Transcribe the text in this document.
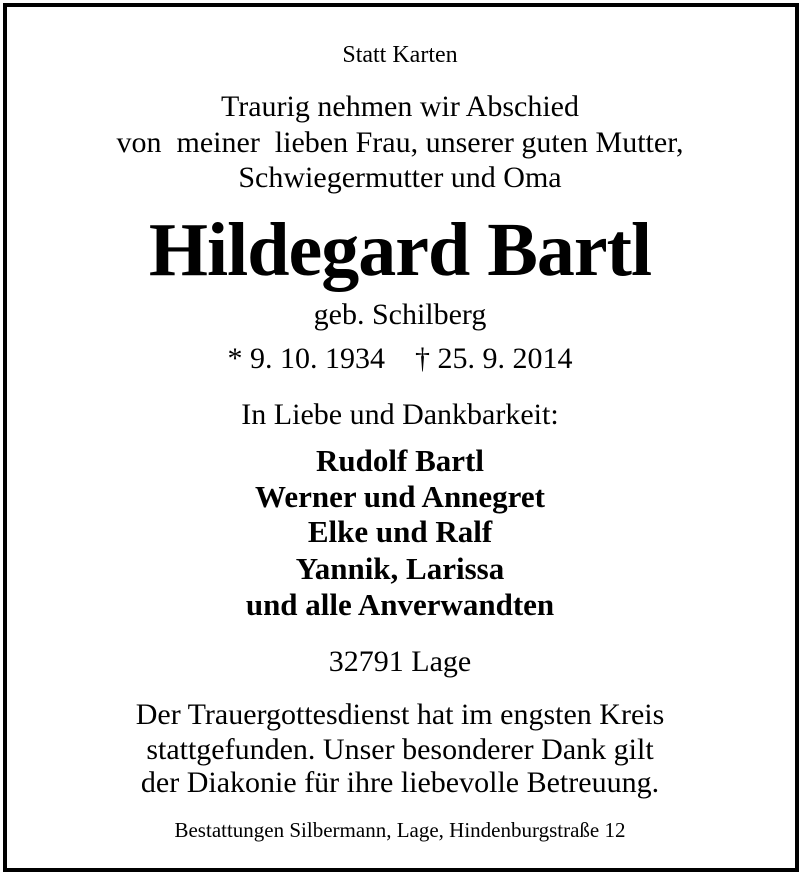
Statt Karten
Traurig nehmen wir Abschied
von  meiner  lieben Frau, unserer guten Mutter,
Schwiegermutter und Oma
Hildegard Bartl
geb. Schilberg
* 9. 10. 1934 † 25. 9. 2014
In Liebe und Dankbarkeit:
Rudolf Bartl
Werner und Annegret
Elke und Ralf
Yannik, Larissa
und alle Anverwandten
32791 Lage
Der Trauergottesdienst hat im engsten Kreis
stattgefunden. Unser besonderer Dank gilt
der Diakonie für ihre liebevolle Betreuung.
Bestattungen Silbermann, Lage, Hindenburgstraße 12
